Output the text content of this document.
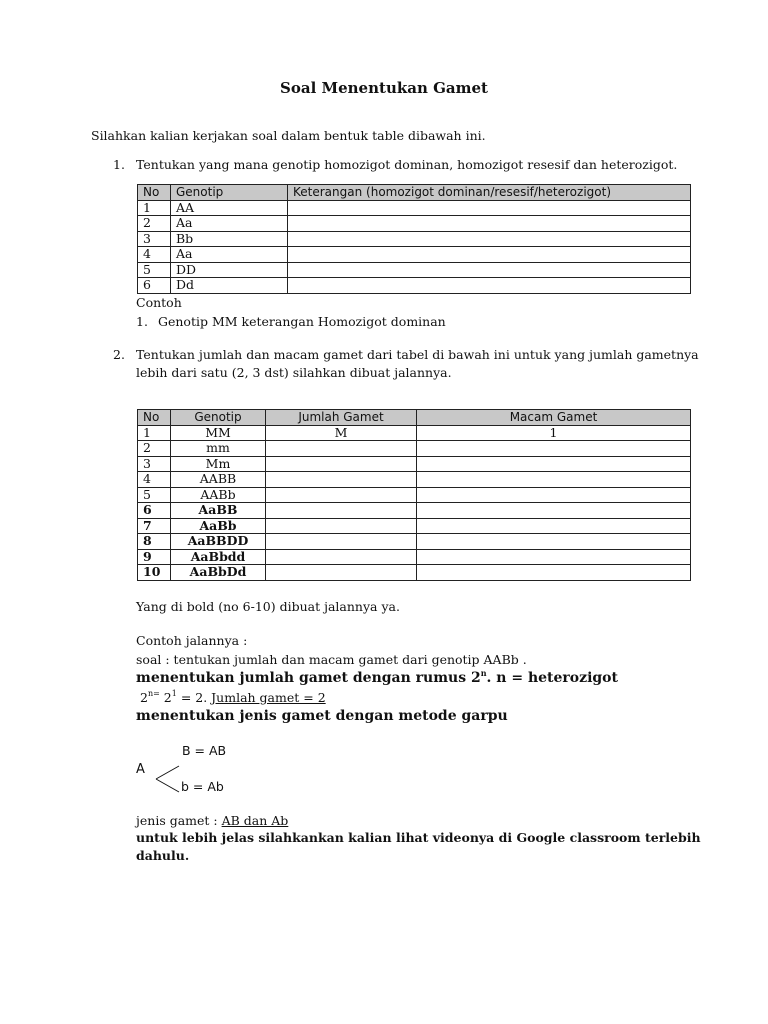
Soal Menentukan Gamet
Silahkan kalian kerjakan soal dalam bentuk table dibawah ini.
1. Tentukan yang mana genotip homozigot dominan, homozigot resesif dan heterozigot.
No	Genotip	Keterangan (homozigot dominan/resesif/heterozigot)
1	AA	
2	Aa	
3	Bb	
4	Aa	
5	DD	
6	Dd	
Contoh
1. Genotip MM keterangan Homozigot dominan
2. Tentukan jumlah dan macam gamet dari tabel di bawah ini untuk yang jumlah gametnya
lebih dari satu (2, 3 dst) silahkan dibuat jalannya.
No	Genotip	Jumlah Gamet	Macam Gamet
1	MM	M	1
2	mm		
3	Mm		
4	AABB		
5	AABb		
6	AaBB		
7	AaBb		
8	AaBBDD		
9	AaBbdd		
10	AaBbDd		
Yang di bold (no 6-10) dibuat jalannya ya.
Contoh jalannya :
soal : tentukan jumlah dan macam gamet dari genotip AABb .
menentukan jumlah gamet dengan rumus 2$^n$. n = heterozigot
$2^{n=}$ $2^1 = 2$. Jumlah gamet = 2
menentukan jenis gamet dengan metode garpu
A
B = AB
b = Ab
jenis gamet : AB dan Ab
untuk lebih jelas silahkankan kalian lihat videonya di Google classroom terlebih
dahulu.
